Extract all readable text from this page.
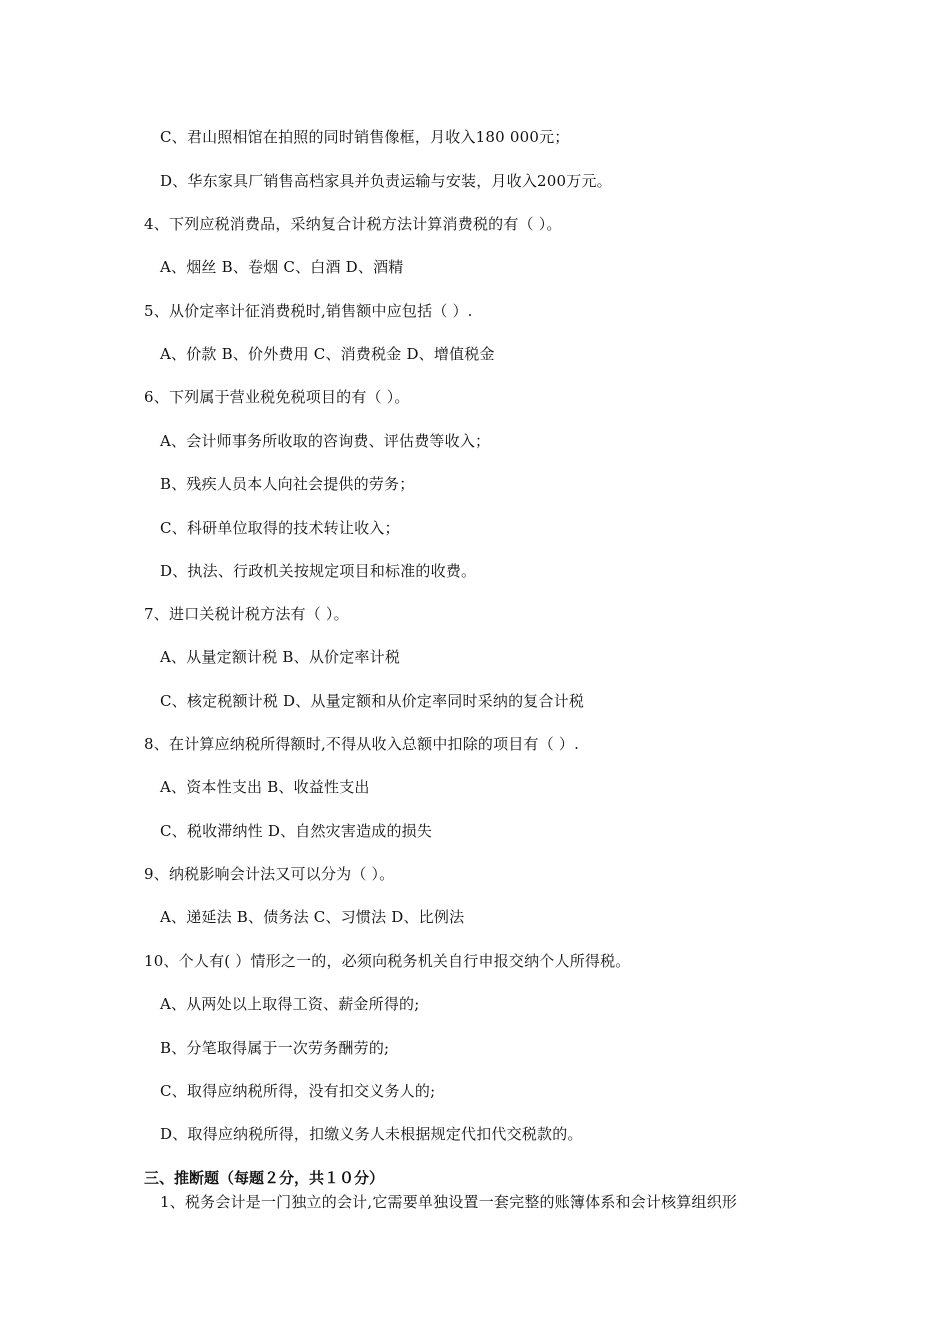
C、君山照相馆在拍照的同时销售像框，月收入180 000元；
D、华东家具厂销售高档家具并负责运输与安装，月收入200万元。
4、下列应税消费品，采纳复合计税方法计算消费税的有（ ）。
A、烟丝 B、卷烟 C、白酒 D、酒精
5、从价定率计征消费税时,销售额中应包括（ ）.
A、价款 B、价外费用 C、消费税金 D、增值税金
6、下列属于营业税免税项目的有（ ）。
A、会计师事务所收取的咨询费、评估费等收入；
B、残疾人员本人向社会提供的劳务；
C、科研单位取得的技术转让收入；
D、执法、行政机关按规定项目和标准的收费。
7、进口关税计税方法有（ ）。
A、从量定额计税 B、从价定率计税
C、核定税额计税 D、从量定额和从价定率同时采纳的复合计税
8、在计算应纳税所得额时,不得从收入总额中扣除的项目有（ ）.
A、资本性支出 B、收益性支出
C、税收滞纳性 D、自然灾害造成的损失
9、纳税影响会计法又可以分为（ ）。
A、递延法 B、债务法 C、习惯法 D、比例法
10、个人有( ）情形之一的，必须向税务机关自行申报交纳个人所得税。
A、从两处以上取得工资、薪金所得的;
B、分笔取得属于一次劳务酬劳的;
C、取得应纳税所得，没有扣交义务人的;
D、取得应纳税所得，扣缴义务人未根据规定代扣代交税款的。
三、推断题（每题２分，共１０分）
1、税务会计是一门独立的会计,它需要单独设置一套完整的账簿体系和会计核算组织形
